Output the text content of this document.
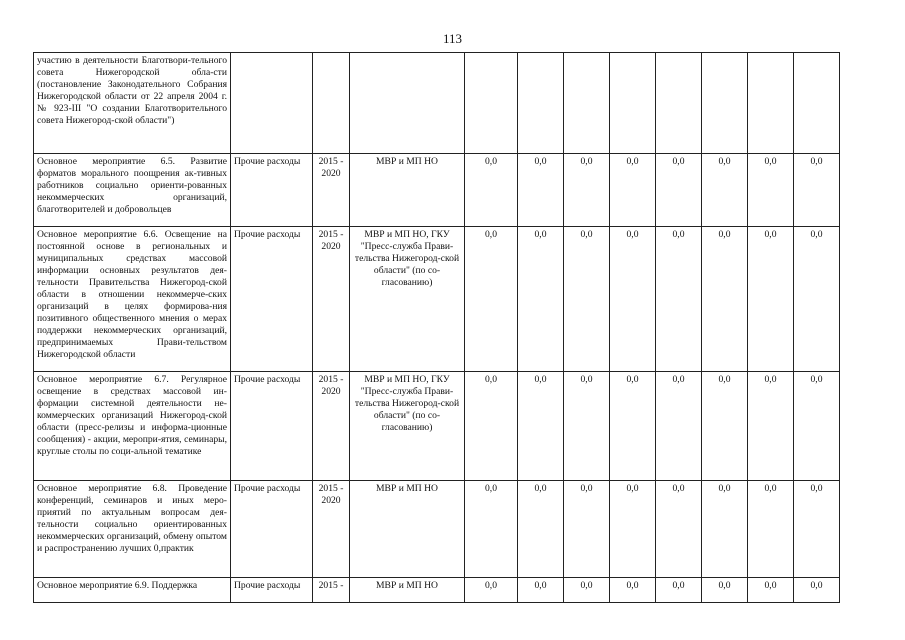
113
участию в деятельности Благотвори-тельного совета Нижегородской обла-сти (постановление Законодательного Собрания Нижегородской области от 22 апреля 2004 г. № 923-III "О создании Благотворительного совета Нижегород-ской области")											
Основное мероприятие 6.5. Развитие форматов морального поощрения ак-тивных работников социально ориенти-рованных некоммерческих организаций, благотворителей и добровольцев	Прочие расходы	2015 - 2020	МВР и МП НО	0,0	0,0	0,0	0,0	0,0	0,0	0,0	0,0
Основное мероприятие 6.6. Освещение на постоянной основе в региональных и муниципальных средствах массовой информации основных результатов дея-тельности Правительства Нижегород-ской области в отношении некоммерче-ских организаций в целях формирова-ния позитивного общественного мнения о мерах поддержки некоммерческих организаций, предпринимаемых Прави-тельством Нижегородской области	Прочие расходы	2015 - 2020	МВР и МП НО, ГКУ "Пресс-служба Прави-тельства Нижегород-ской области" (по со-гласованию)	0,0	0,0	0,0	0,0	0,0	0,0	0,0	0,0
Основное мероприятие 6.7. Регулярное освещение в средствах массовой ин-формации системной деятельности не-коммерческих организаций Нижегород-ской области (пресс-релизы и информа-ционные сообщения) - акции, меропри-ятия, семинары, круглые столы по соци-альной тематике	Прочие расходы	2015 - 2020	МВР и МП НО, ГКУ "Пресс-служба Прави-тельства Нижегород-ской области" (по со-гласованию)	0,0	0,0	0,0	0,0	0,0	0,0	0,0	0,0
Основное мероприятие 6.8. Проведение конференций, семинаров и иных меро-приятий по актуальным вопросам дея-тельности социально ориентированных некоммерческих организаций, обмену опытом и распространению лучших 0,практик	Прочие расходы	2015 - 2020	МВР и МП НО	0,0	0,0	0,0	0,0	0,0	0,0	0,0	0,0
Основное мероприятие 6.9. Поддержка	Прочие расходы	2015 -	МВР и МП НО	0,0	0,0	0,0	0,0	0,0	0,0	0,0	0,0
